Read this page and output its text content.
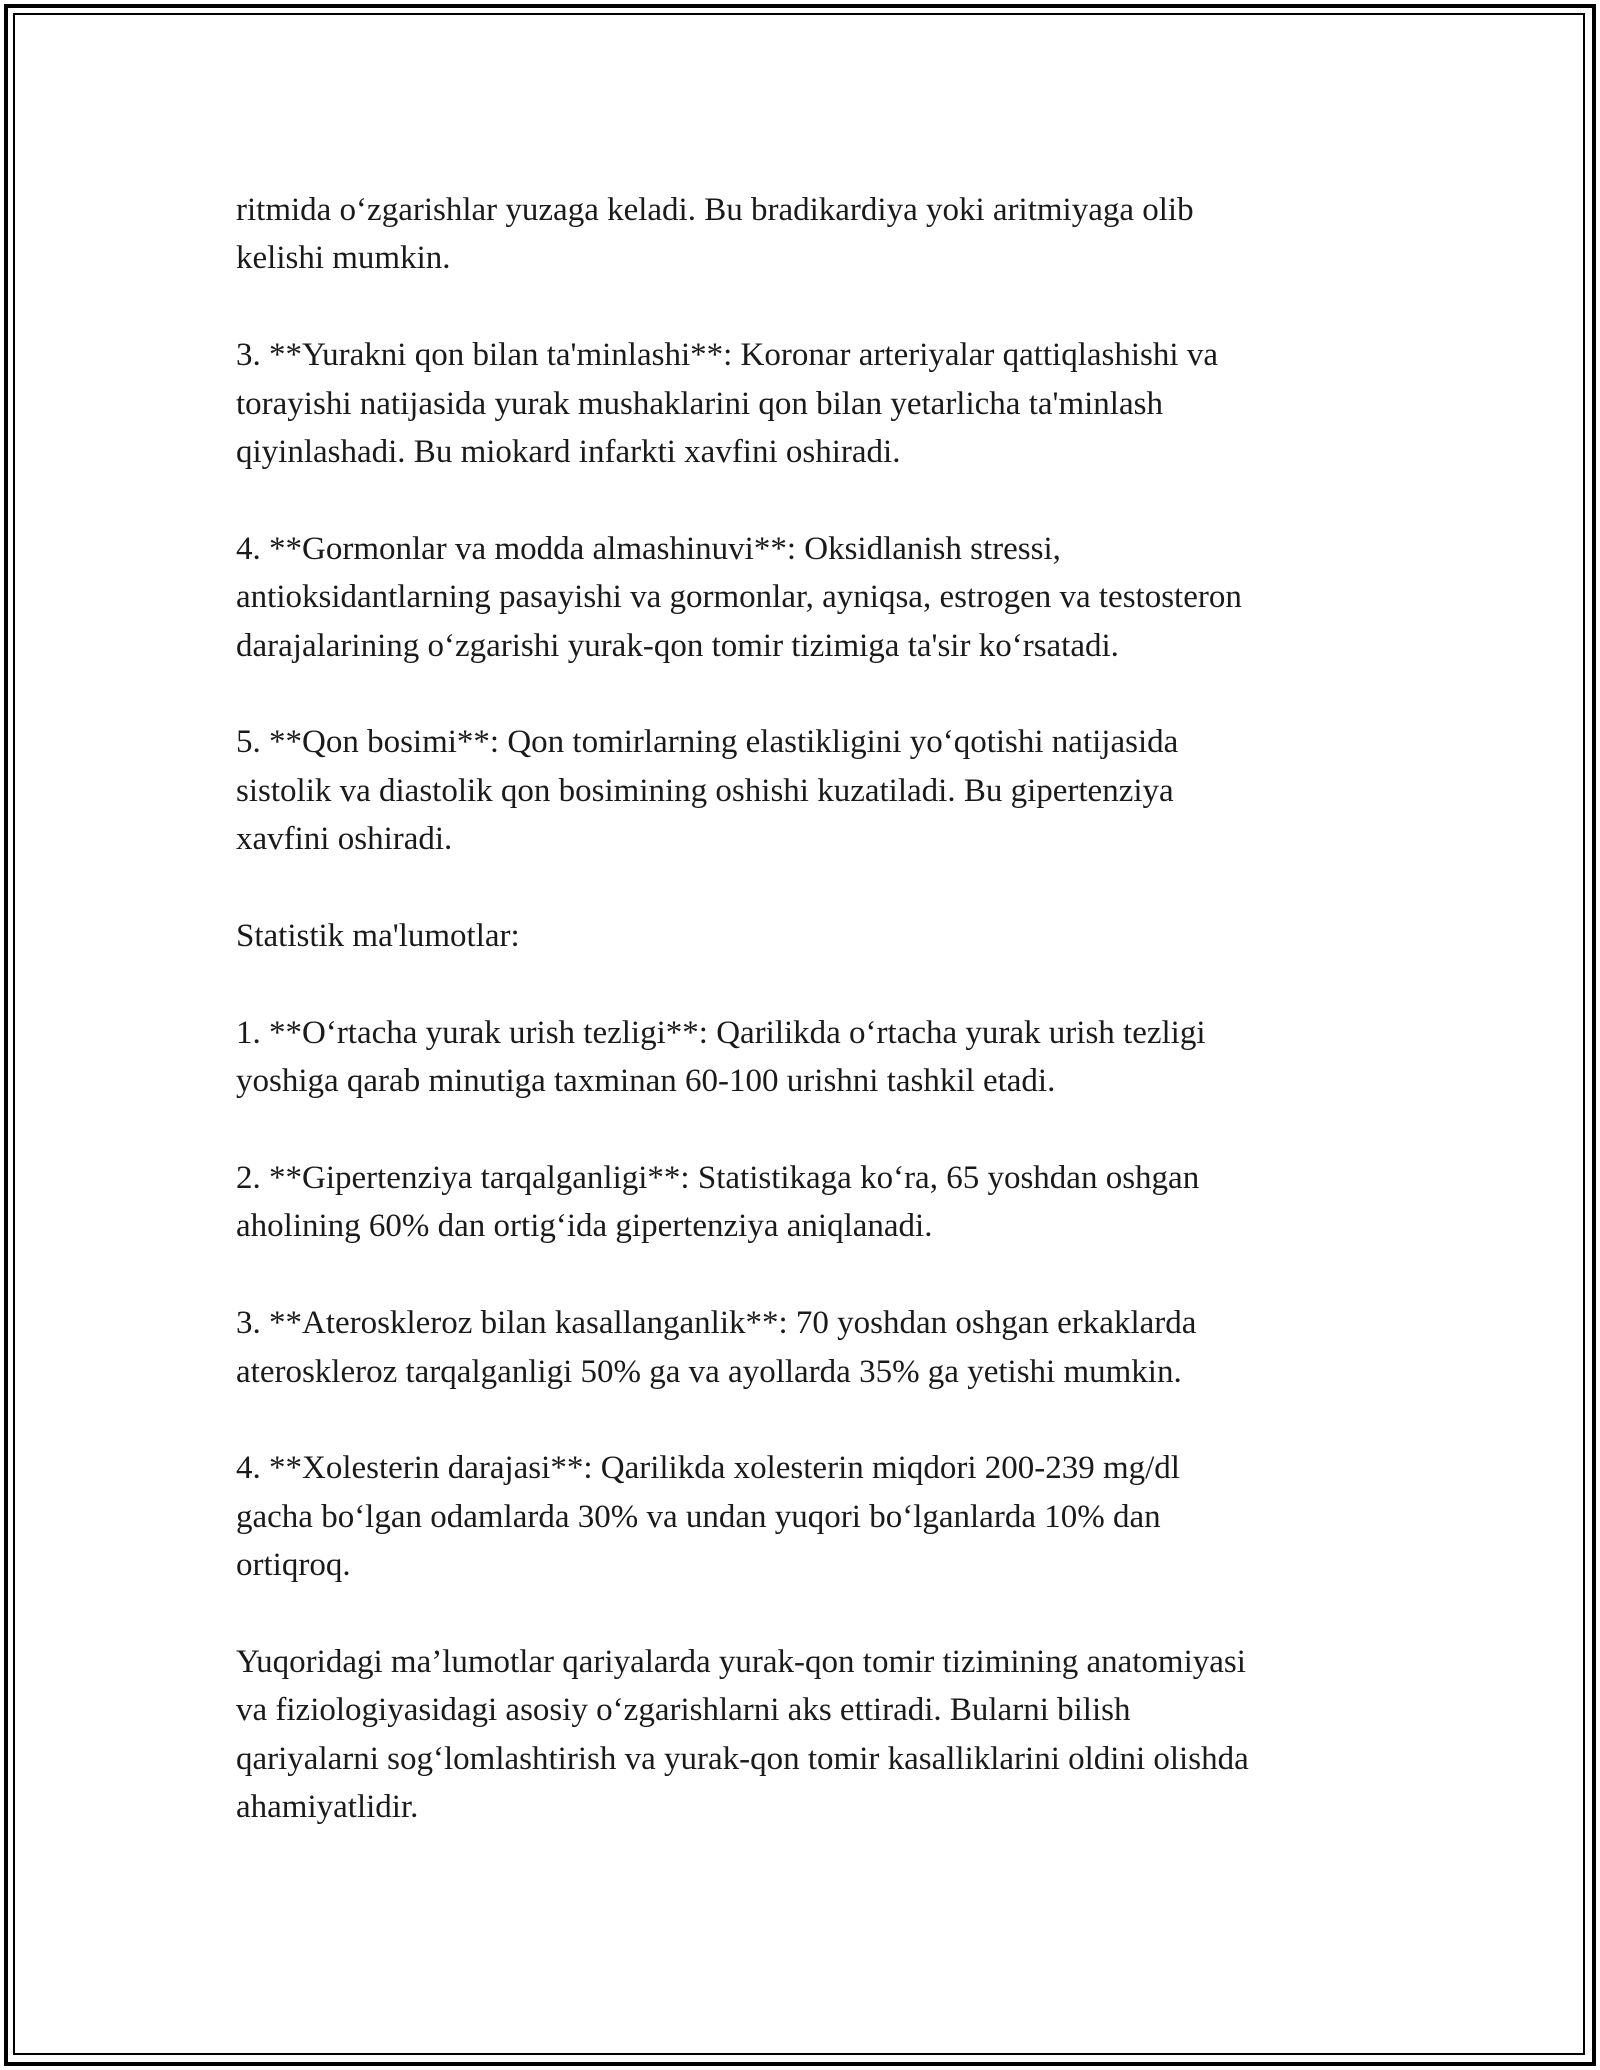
ritmida o‘zgarishlar yuzaga keladi. Bu bradikardiya yoki aritmiyaga olib
kelishi mumkin.

3. **Yurakni qon bilan ta'minlashi**: Koronar arteriyalar qattiqlashishi va
torayishi natijasida yurak mushaklarini qon bilan yetarlicha ta'minlash
qiyinlashadi. Bu miokard infarkti xavfini oshiradi.

4. **Gormonlar va modda almashinuvi**: Oksidlanish stressi,
antioksidantlarning pasayishi va gormonlar, ayniqsa, estrogen va testosteron
darajalarining o‘zgarishi yurak-qon tomir tizimiga ta'sir ko‘rsatadi.

5. **Qon bosimi**: Qon tomirlarning elastikligini yo‘qotishi natijasida
sistolik va diastolik qon bosimining oshishi kuzatiladi. Bu gipertenziya
xavfini oshiradi.

Statistik ma'lumotlar:

1. **O‘rtacha yurak urish tezligi**: Qarilikda o‘rtacha yurak urish tezligi
yoshiga qarab minutiga taxminan 60-100 urishni tashkil etadi.

2. **Gipertenziya tarqalganligi**: Statistikaga ko‘ra, 65 yoshdan oshgan
aholining 60% dan ortig‘ida gipertenziya aniqlanadi.

3. **Ateroskleroz bilan kasallanganlik**: 70 yoshdan oshgan erkaklarda
ateroskleroz tarqalganligi 50% ga va ayollarda 35% ga yetishi mumkin.

4. **Xolesterin darajasi**: Qarilikda xolesterin miqdori 200-239 mg/dl
gacha bo‘lgan odamlarda 30% va undan yuqori bo‘lganlarda 10% dan
ortiqroq.

Yuqoridagi ma’lumotlar qariyalarda yurak-qon tomir tizimining anatomiyasi
va fiziologiyasidagi asosiy o‘zgarishlarni aks ettiradi. Bularni bilish
qariyalarni sog‘lomlashtirish va yurak-qon tomir kasalliklarini oldini olishda
ahamiyatlidir.
